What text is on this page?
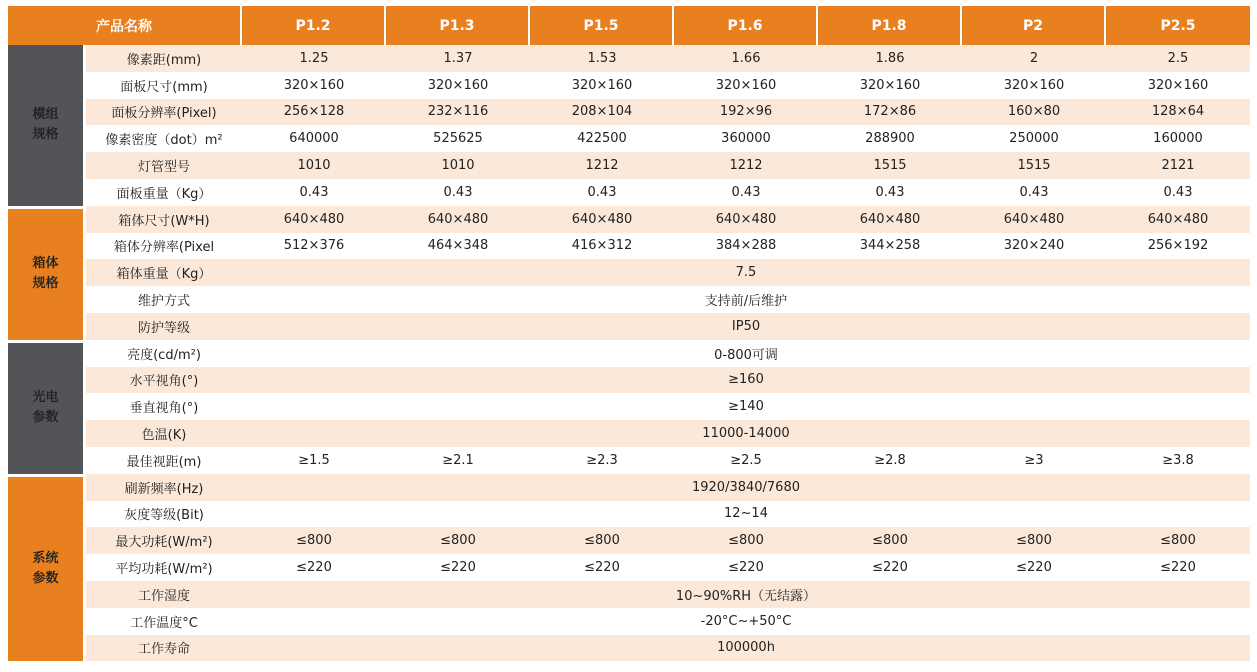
产品名称		P1.2	P1.3	P1.5	P1.6	P1.8	P2	P2.5

模组
规格	像素距(mm)	1.25	1.37	1.53	1.66	1.86	2	2.5
	面板尺寸(mm)	320×160	320×160	320×160	320×160	320×160	320×160	320×160
	面板分辨率(Pixel)	256×128	232×116	208×104	192×96	172×86	160×80	128×64
	像素密度（dot）m²	640000	525625	422500	360000	288900	250000	160000
	灯管型号	1010	1010	1212	1212	1515	1515	2121
	面板重量（Kg）	0.43	0.43	0.43	0.43	0.43	0.43	0.43

箱体
规格	箱体尺寸(W*H)	640×480	640×480	640×480	640×480	640×480	640×480	640×480
	箱体分辨率(Pixel	512×376	464×348	416×312	384×288	344×258	320×240	256×192
	箱体重量（Kg）	7.5						
	维护方式	支持前/后维护						
	防护等级	IP50						

光电
参数	亮度(cd/m²)	0-800可调						
	水平视角(°)	≥160						
	垂直视角(°)	≥140						
	色温(K)	11000-14000						
	最佳视距(m)	≥1.5	≥2.1	≥2.3	≥2.5	≥2.8	≥3	≥3.8

系统
参数	刷新频率(Hz)	1920/3840/7680						
	灰度等级(Bit)	12~14						
	最大功耗(W/m²)	≤800	≤800	≤800	≤800	≤800	≤800	≤800
	平均功耗(W/m²)	≤220	≤220	≤220	≤220	≤220	≤220	≤220
	工作湿度	10~90%RH（无结露）						
	工作温度°C	-20°C~+50°C						
	工作寿命	100000h						
